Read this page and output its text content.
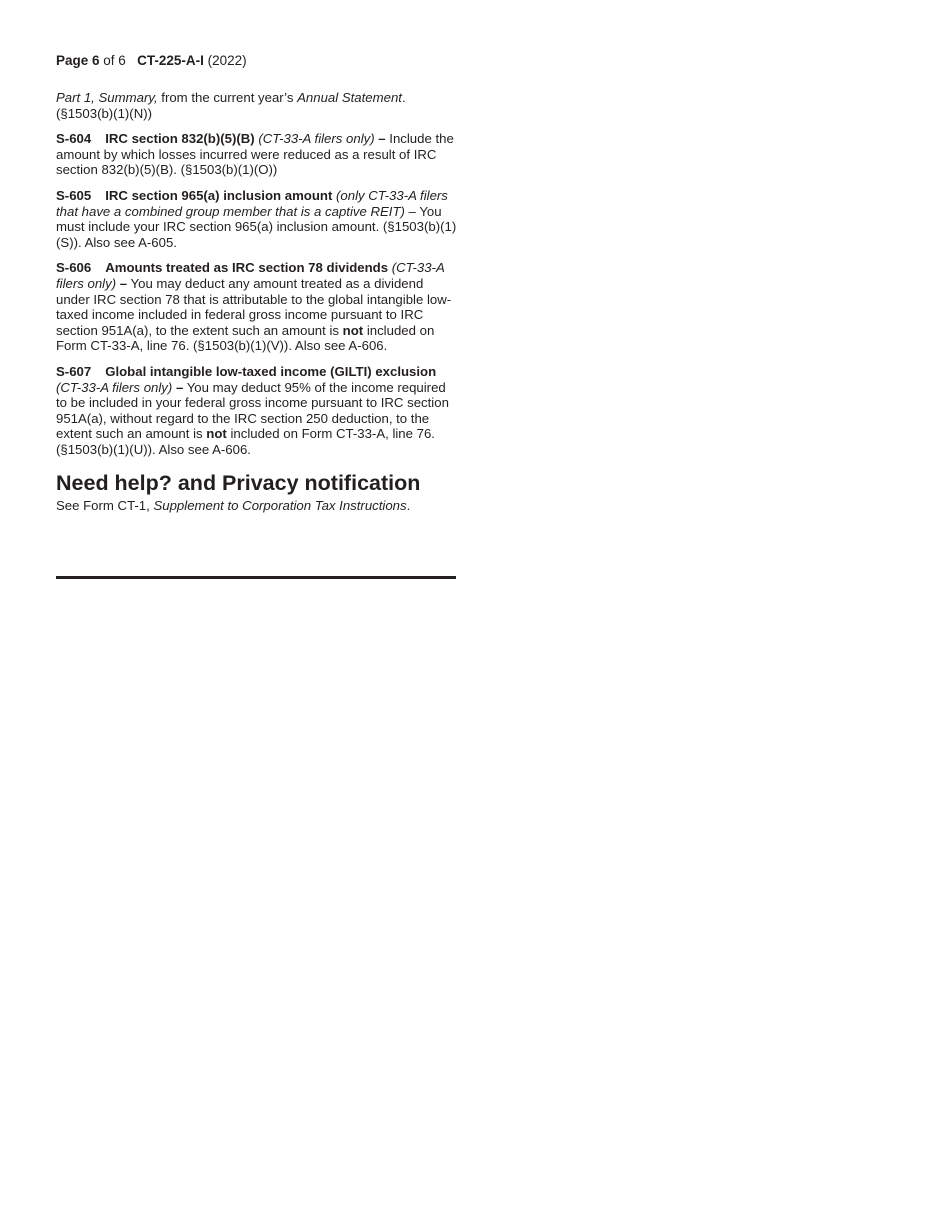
Page 6 of 6 CT-225-A-I (2022)

Part 1, Summary, from the current year’s Annual Statement. (§1503(b)(1)(N))

S-604 IRC section 832(b)(5)(B) (CT-33-A filers only) – Include the amount by which losses incurred were reduced as a result of IRC section 832(b)(5)(B). (§1503(b)(1)(O))

S-605 IRC section 965(a) inclusion amount (only CT-33-A filers that have a combined group member that is a captive REIT) – You must include your IRC section 965(a) inclusion amount. (§1503(b)(1)(S)). Also see A-605.

S-606 Amounts treated as IRC section 78 dividends (CT-33-A filers only) – You may deduct any amount treated as a dividend under IRC section 78 that is attributable to the global intangible low-taxed income included in federal gross income pursuant to IRC section 951A(a), to the extent such an amount is not included on Form CT-33-A, line 76. (§1503(b)(1)(V)). Also see A-606.

S-607 Global intangible low-taxed income (GILTI) exclusion (CT-33-A filers only) – You may deduct 95% of the income required to be included in your federal gross income pursuant to IRC section 951A(a), without regard to the IRC section 250 deduction, to the extent such an amount is not included on Form CT-33-A, line 76.(§1503(b)(1)(U)). Also see A-606.

Need help? and Privacy notification

See Form CT-1, Supplement to Corporation Tax Instructions.
